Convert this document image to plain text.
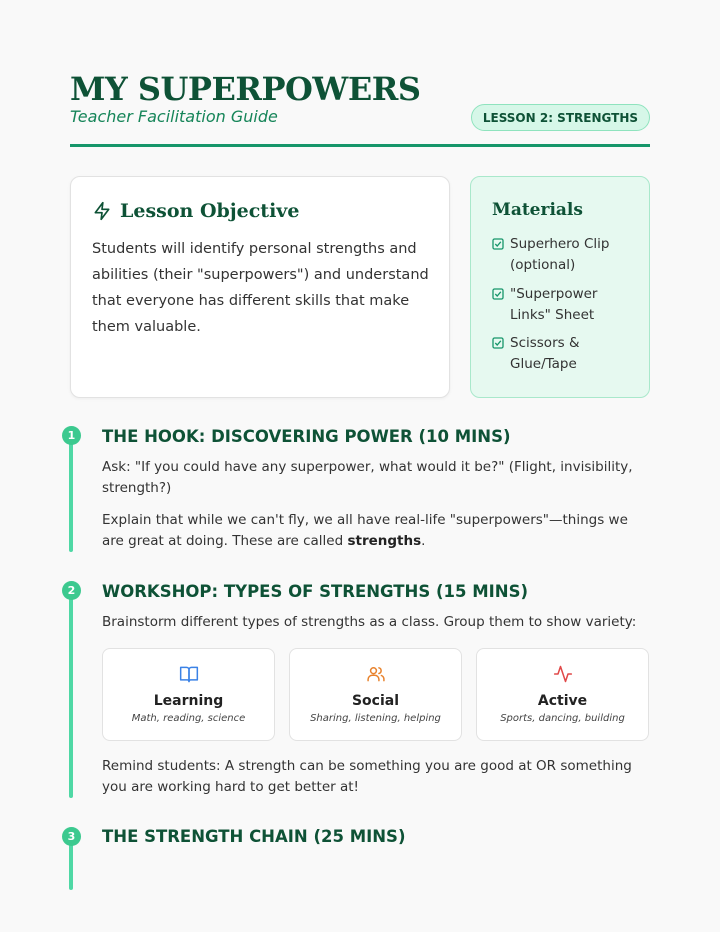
MY SUPERPOWERS
Teacher Facilitation Guide	LESSON 2: STRENGTHS
Lesson Objective
Students will identify personal strengths and abilities (their "superpowers") and understand that everyone has different skills that make them valuable.
Materials
Superhero Clip (optional)
"Superpower Links" Sheet
Scissors & Glue/Tape
1	THE HOOK: DISCOVERING POWER (10 MINS)
Ask: "If you could have any superpower, what would it be?" (Flight, invisibility, strength?)
Explain that while we can't fly, we all have real-life "superpowers"—things we are great at doing. These are called strengths.
2	WORKSHOP: TYPES OF STRENGTHS (15 MINS)
Brainstorm different types of strengths as a class. Group them to show variety:
Learning
Math, reading, science
Social
Sharing, listening, helping
Active
Sports, dancing, building
Remind students: A strength can be something you are good at OR something you are working hard to get better at!
3	THE STRENGTH CHAIN (25 MINS)
